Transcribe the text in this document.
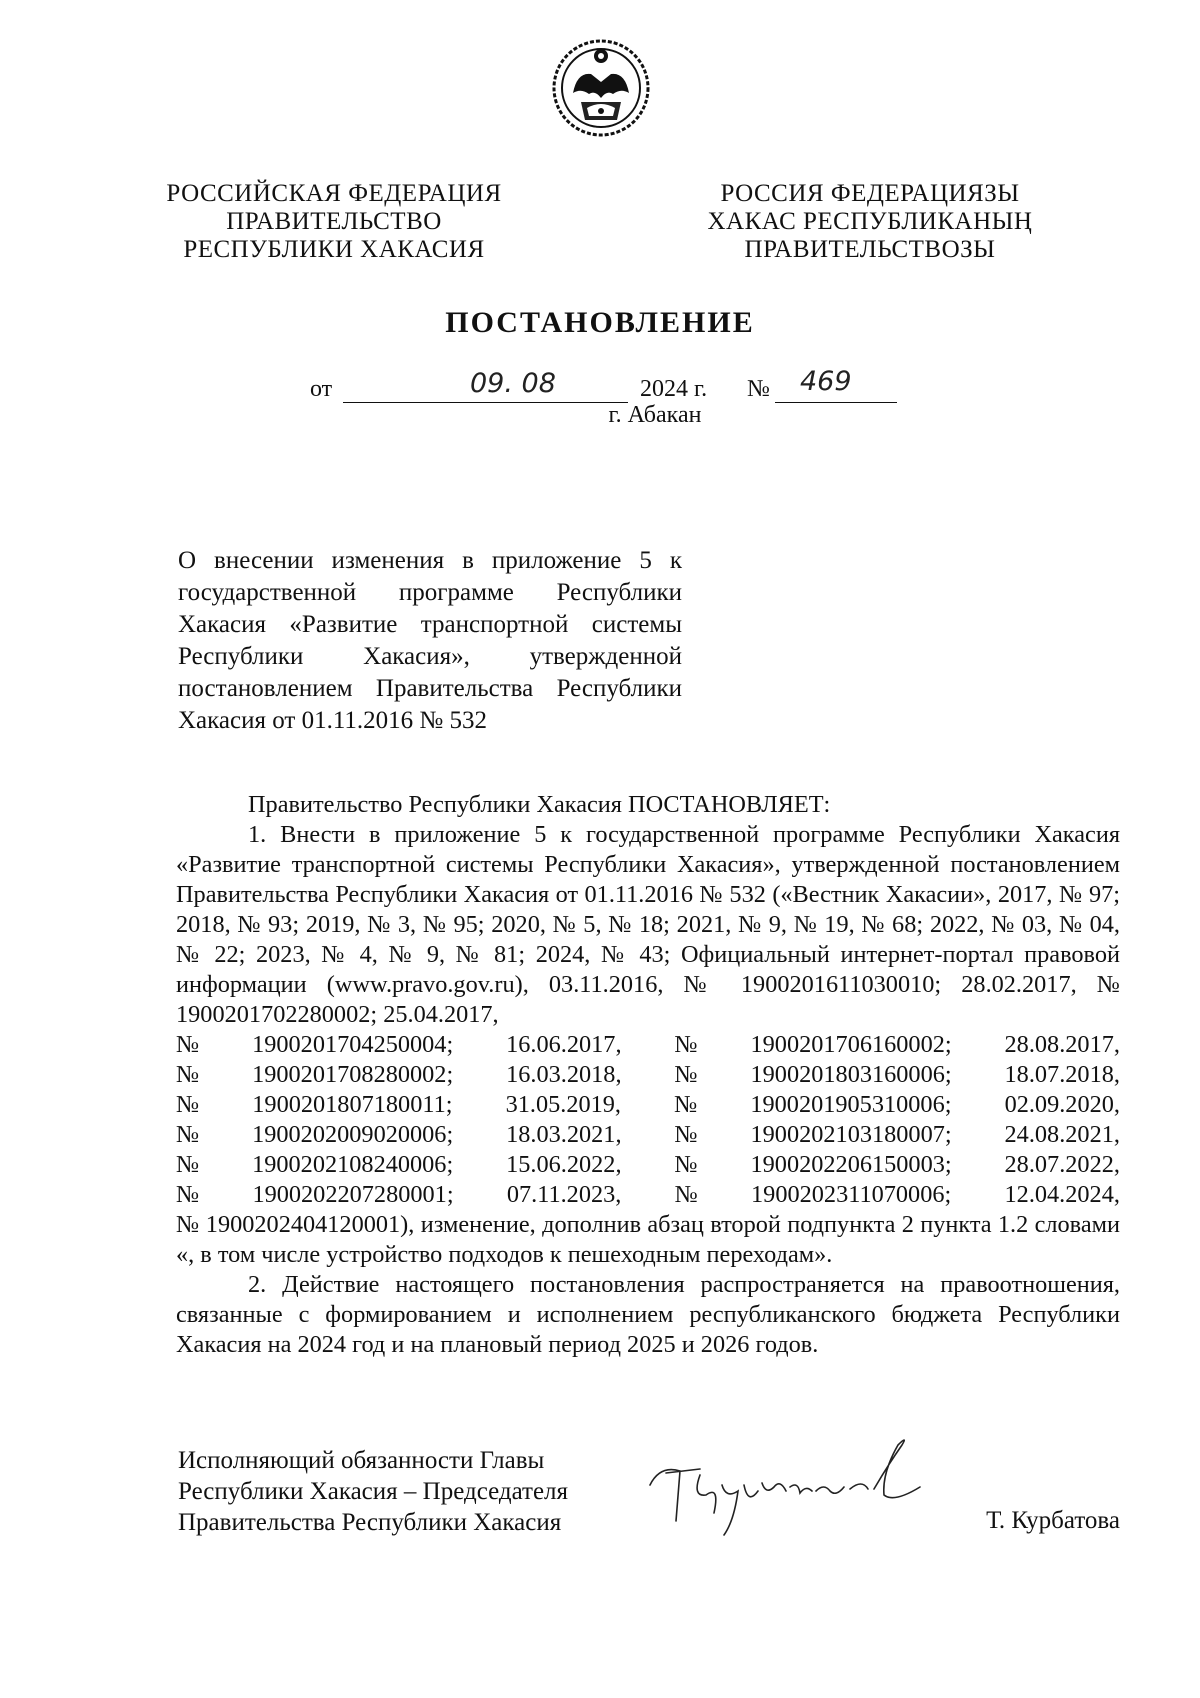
РОССИЙСКАЯ ФЕДЕРАЦИЯ
ПРАВИТЕЛЬСТВО
РЕСПУБЛИКИ ХАКАСИЯ
РОССИЯ ФЕДЕРАЦИЯЗЫ
ХАКАС РЕСПУБЛИКАНЫҢ
ПРАВИТЕЛЬСТВОЗЫ
ПОСТАНОВЛЕНИЕ
от	09. 08	2024 г. № 469
г. Абакан
О внесении изменения в приложение 5 к государственной программе Республики Хакасия «Развитие транспортной системы Республики Хакасия», утвержденной постановлением Правительства Республики Хакасия от 01.11.2016 № 532

Правительство Республики Хакасия ПОСТАНОВЛЯЕТ:

1. Внести в приложение 5 к государственной программе Республики Хакасия «Развитие транспортной системы Республики Хакасия», утвержденной постановлением Правительства Республики Хакасия от 01.11.2016 № 532 («Вестник Хакасии», 2017, № 97; 2018, № 93; 2019, № 3, № 95; 2020, № 5, № 18; 2021, № 9, № 19, № 68; 2022, № 03, № 04, № 22; 2023, № 4, № 9, № 81; 2024, № 43; Официальный интернет-портал правовой информации (www.pravo.gov.ru), 03.11.2016, № 1900201611030010; 28.02.2017, № 1900201702280002; 25.04.2017,

№ 1900201704250004; 16.06.2017, № 1900201706160002; 28.08.2017,
№ 1900201708280002; 16.03.2018, № 1900201803160006; 18.07.2018,
№ 1900201807180011; 31.05.2019, № 1900201905310006; 02.09.2020,
№ 1900202009020006; 18.03.2021, № 1900202103180007; 24.08.2021,
№ 1900202108240006; 15.06.2022, № 1900202206150003; 28.07.2022,
№ 1900202207280001; 07.11.2023, № 1900202311070006; 12.04.2024,

№ 1900202404120001), изменение, дополнив абзац второй подпункта 2 пункта 1.2 словами «, в том числе устройство подходов к пешеходным переходам».

2. Действие настоящего постановления распространяется на правоотношения, связанные с формированием и исполнением республиканского бюджета Республики Хакасия на 2024 год и на плановый период 2025 и 2026 годов.

Исполняющий обязанности Главы
Республики Хакасия – Председателя
Правительства Республики Хакасия	Т. Курбатова
